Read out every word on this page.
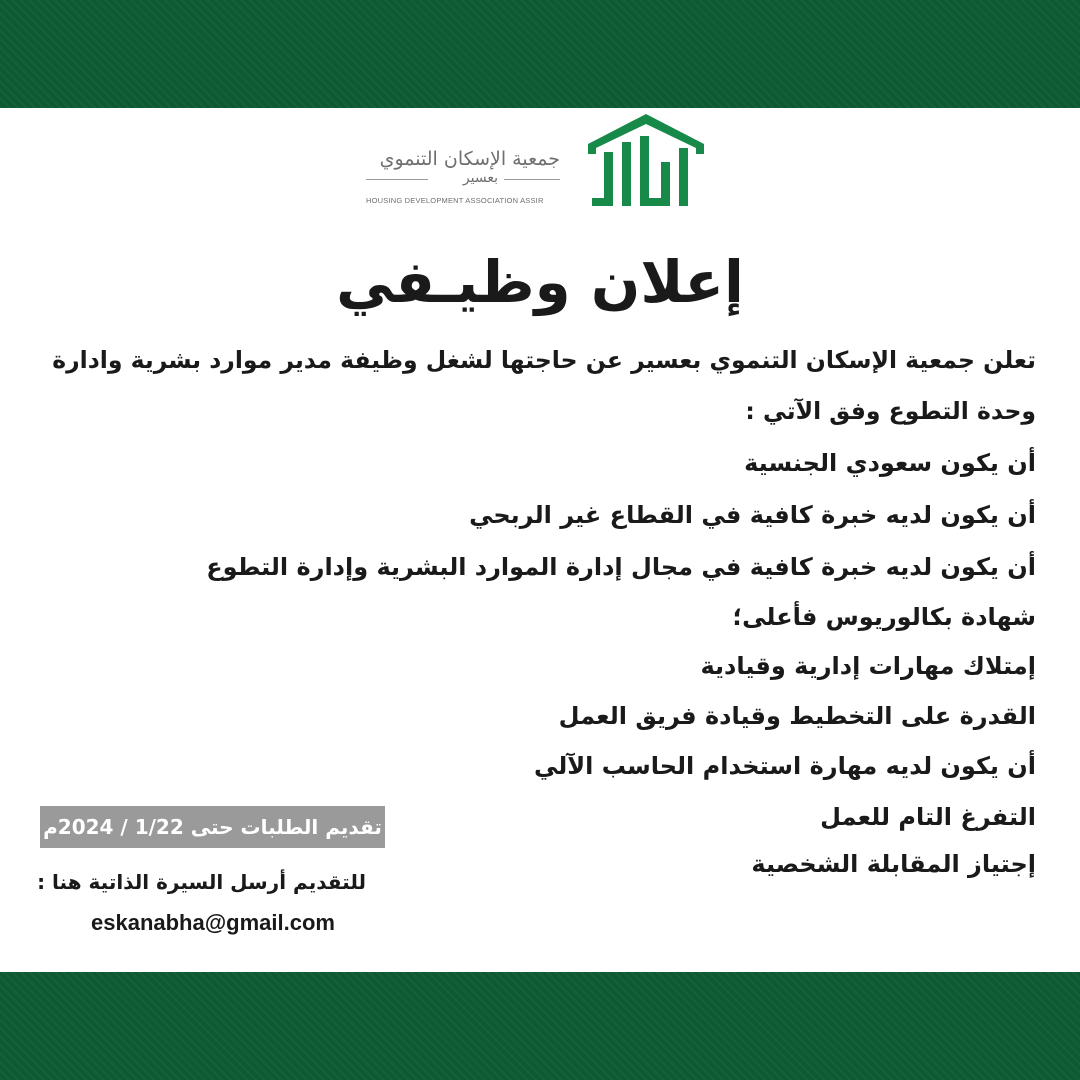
جمعية الإسكان التنموي
بعسير
HOUSING DEVELOPMENT ASSOCIATION ASSIR
إعلان وظيـفي
تعلن جمعية الإسكان التنموي بعسير عن حاجتها لشغل وظيفة مدير موارد بشرية وادارة
وحدة التطوع وفق الآتي :
أن يكون سعودي الجنسية
أن يكون لديه خبرة كافية في القطاع غير الربحي
أن يكون لديه خبرة كافية في مجال إدارة الموارد البشرية وإدارة التطوع
شهادة بكالوريوس فأعلى؛
إمتلاك مهارات إدارية وقيادية
القدرة على التخطيط وقيادة فريق العمل
أن يكون لديه مهارة استخدام الحاسب الآلي
التفرغ التام للعمل
إجتياز المقابلة الشخصية
تقديم الطلبات حتى 1/22 / 2024م
للتقديم أرسل السيرة الذاتية هنا :
eskanabha@gmail.com
